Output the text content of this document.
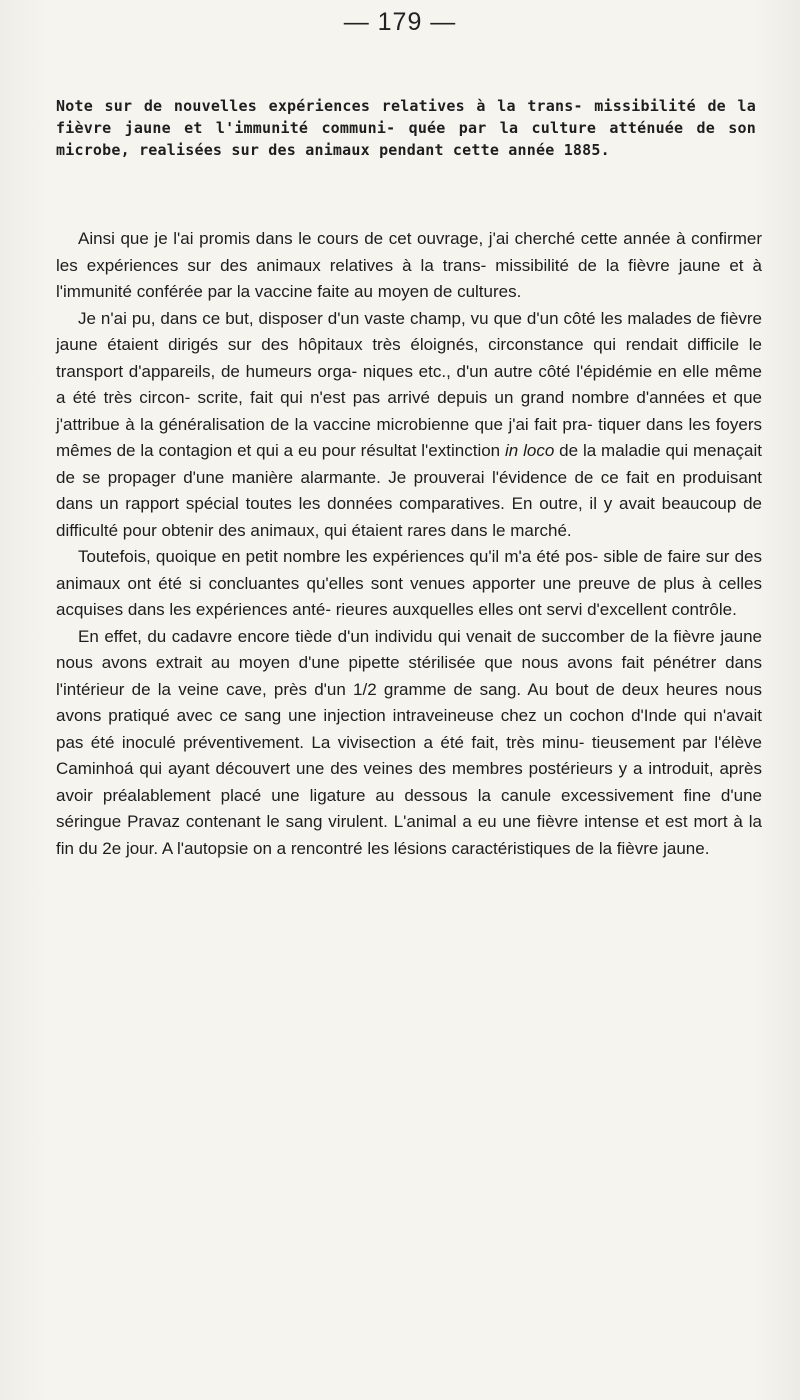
— 179 —
Note sur de nouvelles expériences relatives à la trans- missibilité de la fièvre jaune et l'immunité communi- quée par la culture atténuée de son microbe, realisées sur des animaux pendant cette année 1885.

Ainsi que je l'ai promis dans le cours de cet ouvrage, j'ai cherché cette année à confirmer les expériences sur des animaux relatives à la trans- missibilité de la fièvre jaune et à l'immunité conférée par la vaccine faite au moyen de cultures.

Je n'ai pu, dans ce but, disposer d'un vaste champ, vu que d'un côté les malades de fièvre jaune étaient dirigés sur des hôpitaux très éloignés, circonstance qui rendait difficile le transport d'appareils, de humeurs orga- niques etc., d'un autre côté l'épidémie en elle même a été très circon- scrite, fait qui n'est pas arrivé depuis un grand nombre d'années et que j'attribue à la généralisation de la vaccine microbienne que j'ai fait pra- tiquer dans les foyers mêmes de la contagion et qui a eu pour résultat l'extinction in loco de la maladie qui menaçait de se propager d'une manière alarmante. Je prouverai l'évidence de ce fait en produisant dans un rapport spécial toutes les données comparatives. En outre, il y avait beaucoup de difficulté pour obtenir des animaux, qui étaient rares dans le marché.

Toutefois, quoique en petit nombre les expériences qu'il m'a été pos- sible de faire sur des animaux ont été si concluantes qu'elles sont venues apporter une preuve de plus à celles acquises dans les expériences anté- rieures auxquelles elles ont servi d'excellent contrôle.

En effet, du cadavre encore tiède d'un individu qui venait de succomber de la fièvre jaune nous avons extrait au moyen d'une pipette stérilisée que nous avons fait pénétrer dans l'intérieur de la veine cave, près d'un 1/2 gramme de sang. Au bout de deux heures nous avons pratiqué avec ce sang une injection intraveineuse chez un cochon d'Inde qui n'avait pas été inoculé préventivement. La vivisection a été fait, très minu- tieusement par l'élève Caminhoá qui ayant découvert une des veines des membres postérieurs y a introduit, après avoir préalablement placé une ligature au dessous la canule excessivement fine d'une séringue Pravaz contenant le sang virulent. L'animal a eu une fièvre intense et est mort à la fin du 2e jour. A l'autopsie on a rencontré les lésions caractéristiques de la fièvre jaune.
